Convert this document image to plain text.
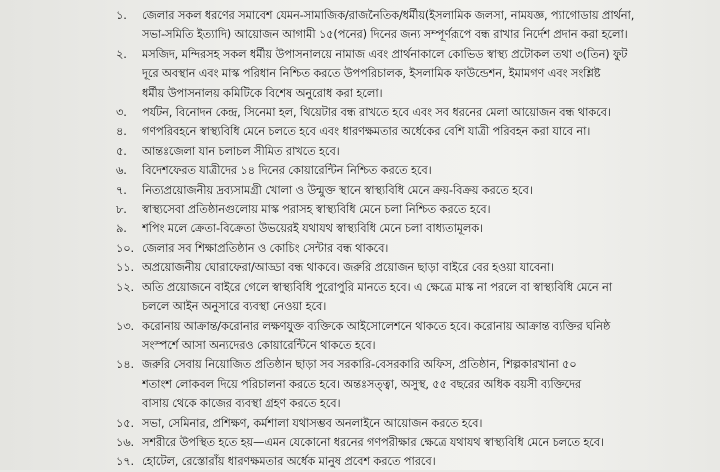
১.	জেলার সকল ধরণের সমাবেশ যেমন-সামাজিক/রাজনৈতিক/ধর্মীয়(ইসলামিক জলসা, নামযজ্ঞ, প্যাগোডায় প্রার্থনা,
সভা-সমিতি ইত্যাদি) আয়োজন আগামী ১৫(পনের) দিনের জন্য সম্পূর্ণরূপে বন্ধ রাখার নির্দেশ প্রদান করা হলো।
২.	মসজিদ, মন্দিরসহ সকল ধর্মীয় উপাসনালয়ে নামাজ এবং প্রার্থনাকালে কোভিড স্বাস্থ্য প্রটোকল তথা ৩(তিন) ফুট
দূরে অবস্থান এবং মাস্ক পরিধান নিশ্চিত করতে উপপরিচালক, ইসলামিক ফাউন্ডেশন, ইমামগণ এবং সংশ্লিষ্ট
ধর্মীয় উপাসনালয় কমিটিকে বিশেষ অনুরোধ করা হলো।
৩.	পর্যটন, বিনোদন কেন্দ্র, সিনেমা হল, থিয়েটার বন্ধ রাখতে হবে এবং সব ধরনের মেলা আয়োজন বন্ধ থাকবে।
৪.	গণপরিবহনে স্বাস্থ্যবিধি মেনে চলতে হবে এবং ধারণক্ষমতার অর্ধেকের বেশি যাত্রী পরিবহন করা যাবে না।
৫.	আন্তঃজেলা যান চলাচল সীমিত রাখতে হবে।
৬.	বিদেশফেরত যাত্রীদের ১৪ দিনের কোয়ারেন্টিন নিশ্চিত করতে হবে।
৭.	নিত্যপ্রয়োজনীয় দ্রব্যসামগ্রী খোলা ও উন্মুক্ত স্থানে স্বাস্থ্যবিধি মেনে ক্রয়-বিক্রয় করতে হবে।
৮.	স্বাস্থ্যসেবা প্রতিষ্ঠানগুলোয় মাস্ক পরাসহ স্বাস্থ্যবিধি মেনে চলা নিশ্চিত করতে হবে।
৯.	শপিং মলে ক্রেতা-বিক্রেতা উভয়েরই যথাযথ স্বাস্থ্যবিধি মেনে চলা বাধ্যতামূলক।
১০. জেলার সব শিক্ষাপ্রতিষ্ঠান ও কোচিং সেন্টার বন্ধ থাকবে।
১১. অপ্রয়োজনীয় ঘোরাফেরা/আড্ডা বন্ধ থাকবে। জরুরি প্রয়োজন ছাড়া বাইরে বের হওয়া যাবেনা।
১২. অতি প্রয়োজনে বাইরে গেলে স্বাস্থ্যবিধি পুরোপুরি মানতে হবে। এ ক্ষেত্রে মাস্ক না পরলে বা স্বাস্থ্যবিধি মেনে না
চললে আইন অনুসারে ব্যবস্থা নেওয়া হবে।
১৩. করোনায় আক্রান্ত/করোনার লক্ষণযুক্ত ব্যক্তিকে আইসোলেশনে থাকতে হবে। করোনায় আক্রান্ত ব্যক্তির ঘনিষ্ঠ
সংস্পর্শে আসা অন্যদেরও কোয়ারেন্টিনে থাকতে হবে।
১৪. জরুরি সেবায় নিয়োজিত প্রতিষ্ঠান ছাড়া সব সরকারি-বেসরকারি অফিস, প্রতিষ্ঠান, শিল্পকারখানা ৫০
শতাংশ লোকবল দিয়ে পরিচালনা করতে হবে। অন্তঃসত্ত্বা, অসুস্থ, ৫৫ বছরের অধিক বয়সী ব্যক্তিদের
বাসায় থেকে কাজের ব্যবস্থা গ্রহণ করতে হবে।
১৫. সভা, সেমিনার, প্রশিক্ষণ, কর্মশালা যথাসম্ভব অনলাইনে আয়োজন করতে হবে।
১৬. সশরীরে উপস্থিত হতে হয়—এমন যেকোনো ধরনের গণপরীক্ষার ক্ষেত্রে যথাযথ স্বাস্থ্যবিধি মেনে চলতে হবে।
১৭. হোটেল, রেস্তোরাঁয় ধারণক্ষমতার অর্ধেক মানুষ প্রবেশ করতে পারবে।
